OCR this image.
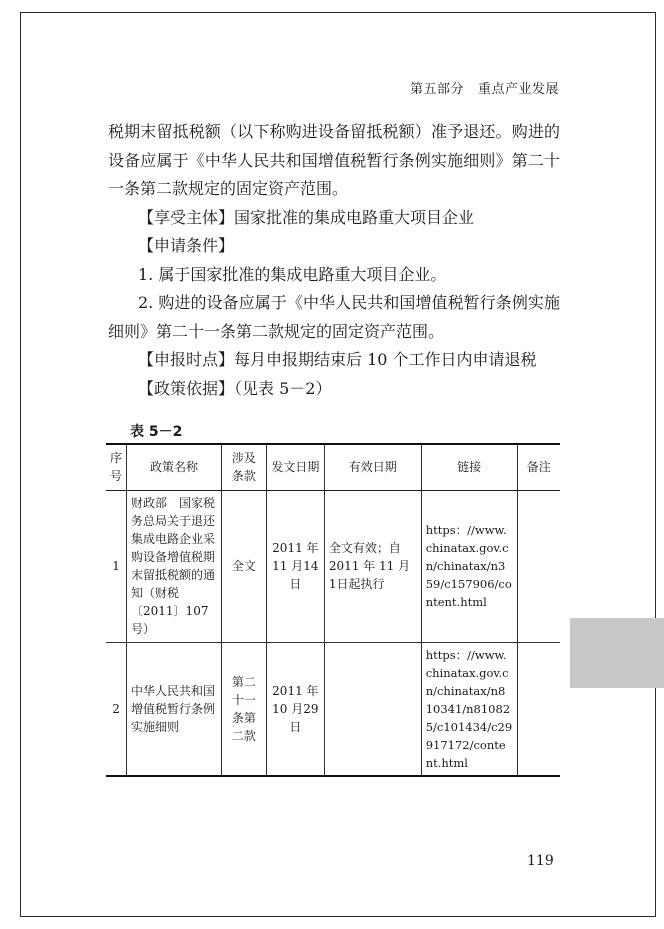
第五部分 重点产业发展

税期末留抵税额（以下称购进设备留抵税额）准予退还。购进的设备应属于《中华人民共和国增值税暂行条例实施细则》第二十一条第二款规定的固定资产范围。

【享受主体】国家批准的集成电路重大项目企业

【申请条件】

1. 属于国家批准的集成电路重大项目企业。

2. 购进的设备应属于《中华人民共和国增值税暂行条例实施细则》第二十一条第二款规定的固定资产范围。

【申报时点】每月申报期结束后 10 个工作日内申请退税

【政策依据】（见表 5－2）

表 5－2
序号	政策名称	涉及条款	发文日期	有效日期	链接	备注
1	财政部　国家税务总局关于退还集成电路企业采购设备增值税期末留抵税额的通知（财税〔2011〕107 号）	全文	2011 年11 月14 日	全文有效；自2011 年 11 月 1日起执行	https：//www.chinatax.gov.cn/chinatax/n359/c157906/content.html	
2	中华人民共和国增值税暂行条例实施细则	第二十一条第二款	2011 年10 月29 日		https：//www.chinatax.gov.cn/chinatax/n810341/n810825/c101434/c29917172/content.html	
119
